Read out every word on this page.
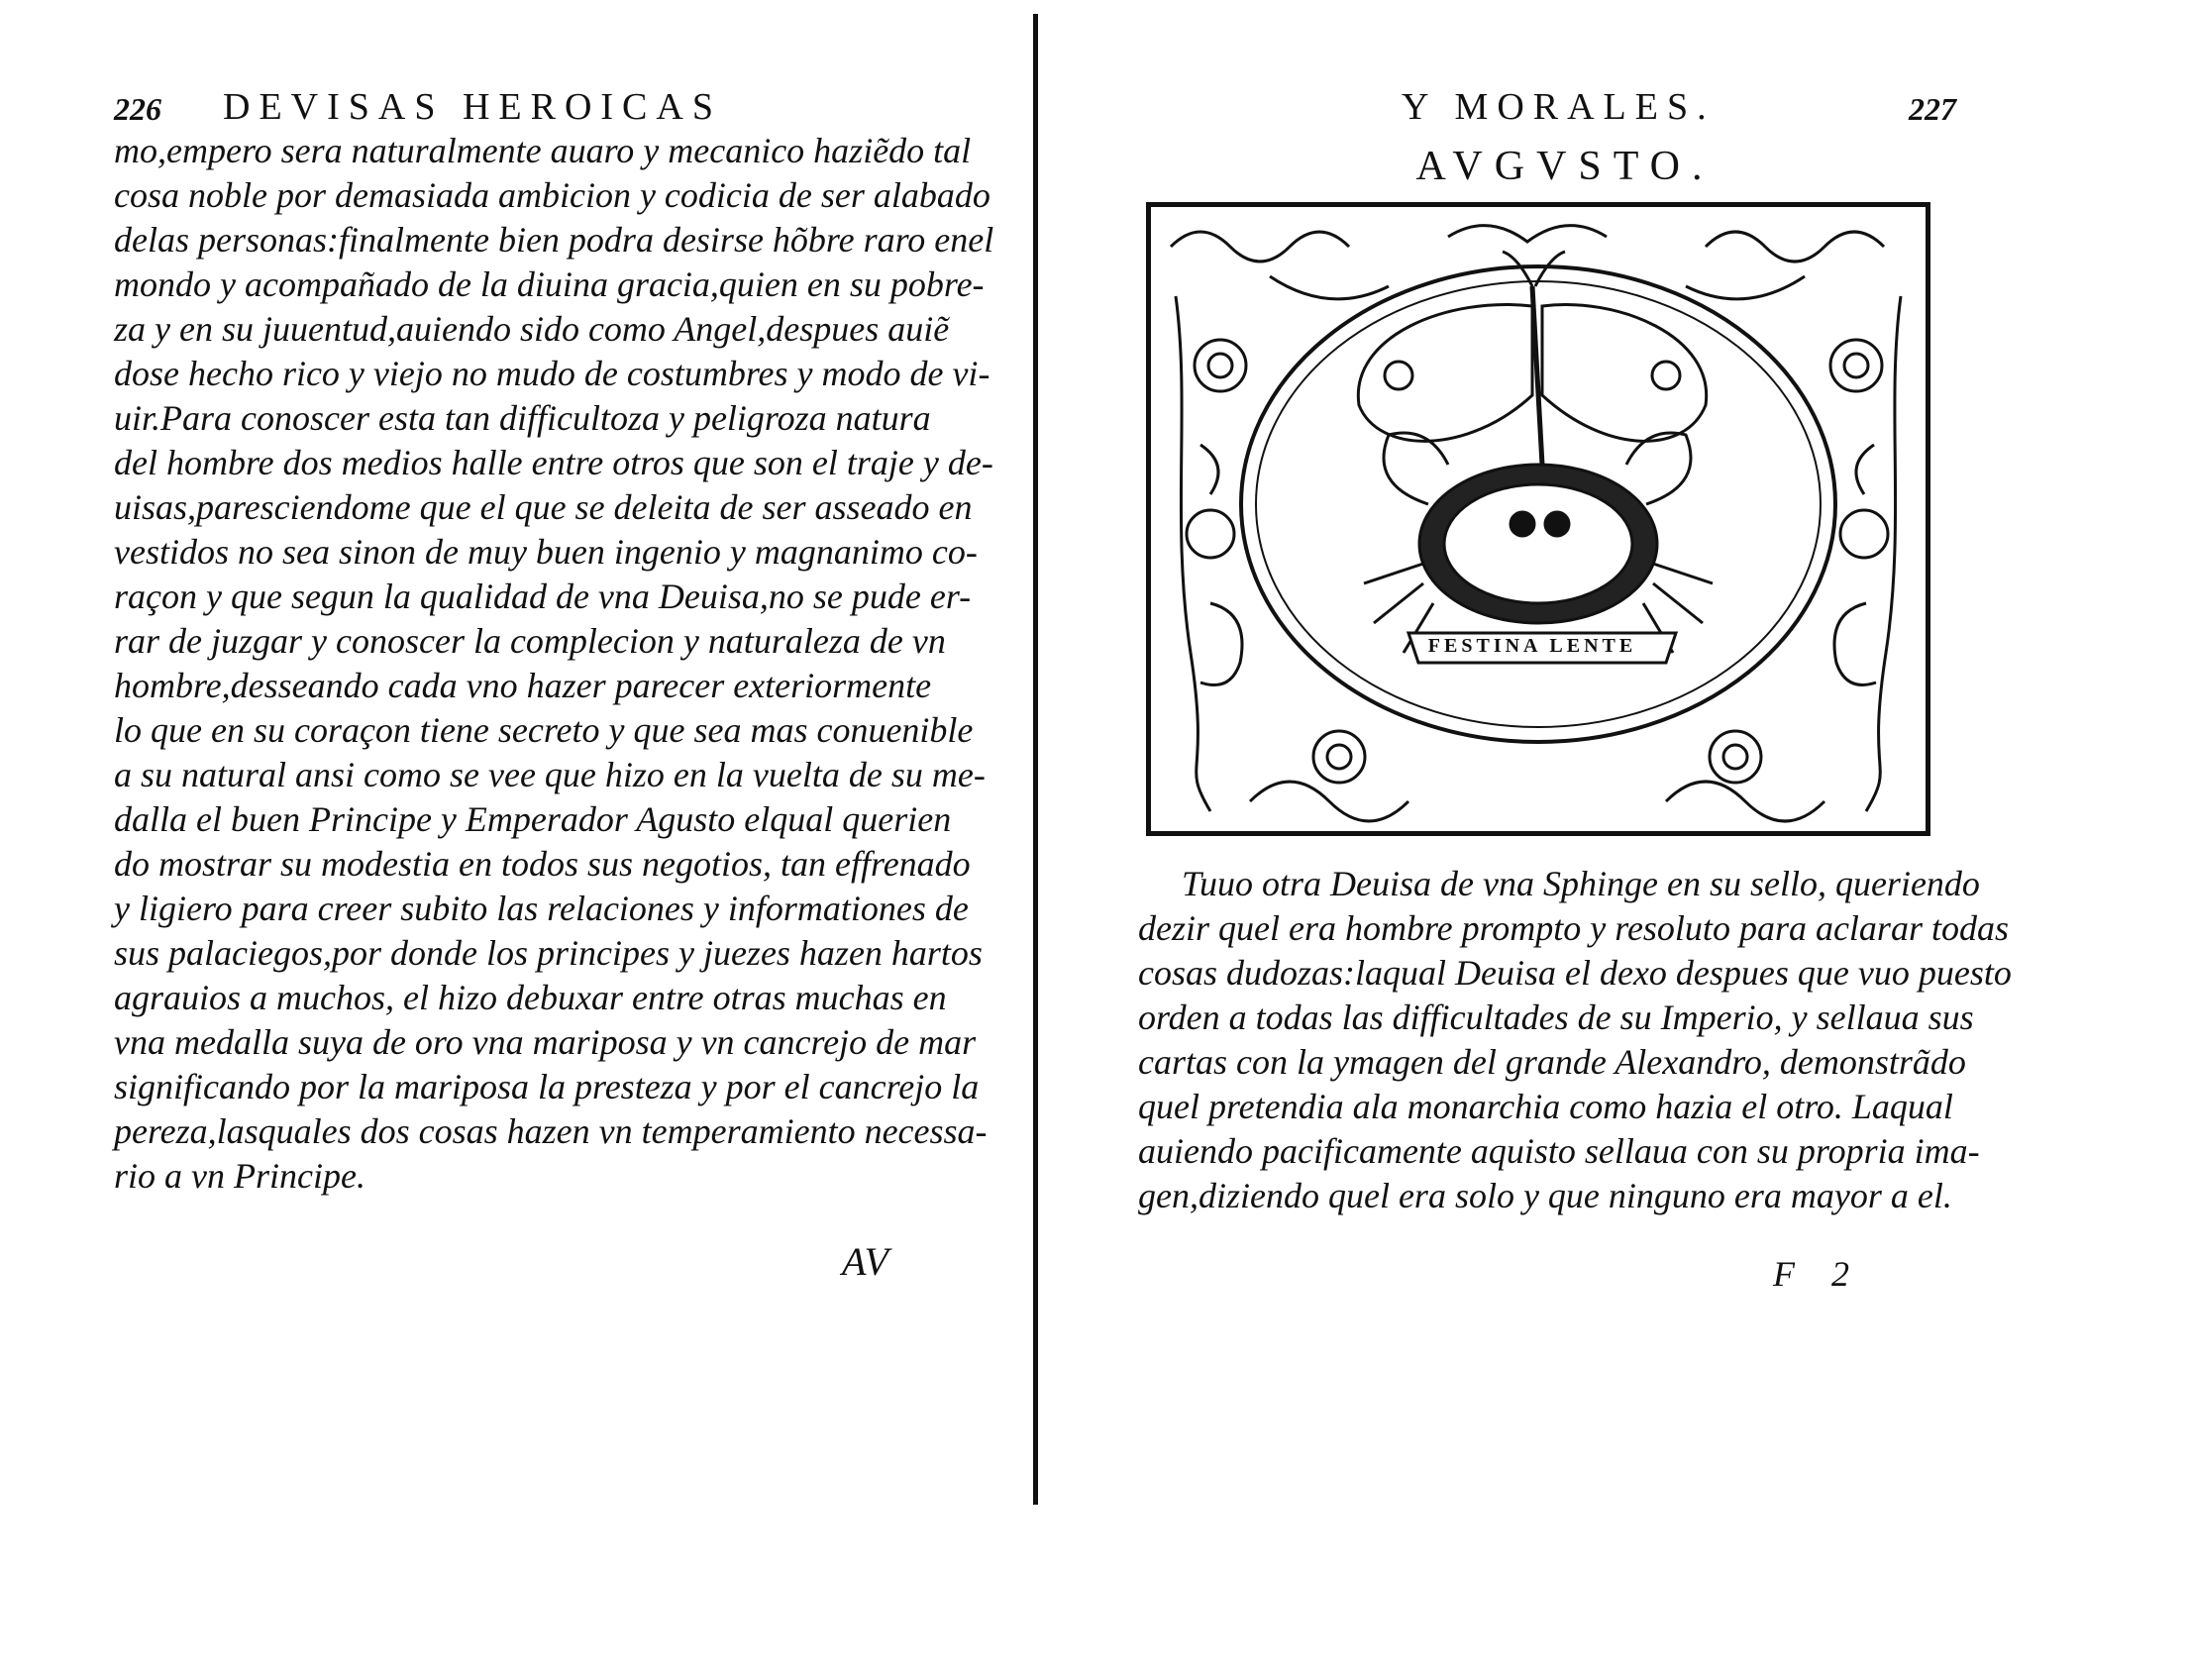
226 DEVISAS HEROICAS
mo,empero sera naturalmente auaro y mecanico haziẽdo tal
cosa noble por demasiada ambicion y codicia de ser alabado
delas personas:finalmente bien podra desirse hõbre raro enel
mondo y acompañado de la diuina gracia,quien en su pobre-
za y en su juuentud,auiendo sido como Angel,despues auiẽ
dose hecho rico y viejo no mudo de costumbres y modo de vi-
uir.Para conoscer esta tan difficultoza y peligroza natura
del hombre dos medios halle entre otros que son el traje y de-
uisas,paresciendome que el que se deleita de ser asseado en
vestidos no sea sinon de muy buen ingenio y magnanimo co-
raçon y que segun la qualidad de vna Deuisa,no se pude er-
rar de juzgar y conoscer la complecion y naturaleza de vn
hombre,desseando cada vno hazer parecer exteriormente
lo que en su coraçon tiene secreto y que sea mas conuenible
a su natural ansi como se vee que hizo en la vuelta de su me-
dalla el buen Principe y Emperador Agusto elqual querien
do mostrar su modestia en todos sus negotios, tan effrenado
y ligiero para creer subito las relaciones y informationes de
sus palaciegos,por donde los principes y juezes hazen hartos
agrauios a muchos, el hizo debuxar entre otras muchas en
vna medalla suya de oro vna mariposa y vn cancrejo de mar
significando por la mariposa la presteza y por el cancrejo la
pereza,lasquales dos cosas hazen vn temperamiento necessa-
rio a vn Principe.
AV
Y MORALES.	227
AVGVSTO.
FESTINA LENTE
Tuuo otra Deuisa de vna Sphinge en su sello, queriendo
dezir quel era hombre prompto y resoluto para aclarar todas
cosas dudozas:laqual Deuisa el dexo despues que vuo puesto
orden a todas las difficultades de su Imperio, y sellaua sus
cartas con la ymagen del grande Alexandro, demonstrãdo
quel pretendia ala monarchia como hazia el otro. Laqual
auiendo pacificamente aquisto sellaua con su propria ima-
gen,diziendo quel era solo y que ninguno era mayor a el.
F 2
